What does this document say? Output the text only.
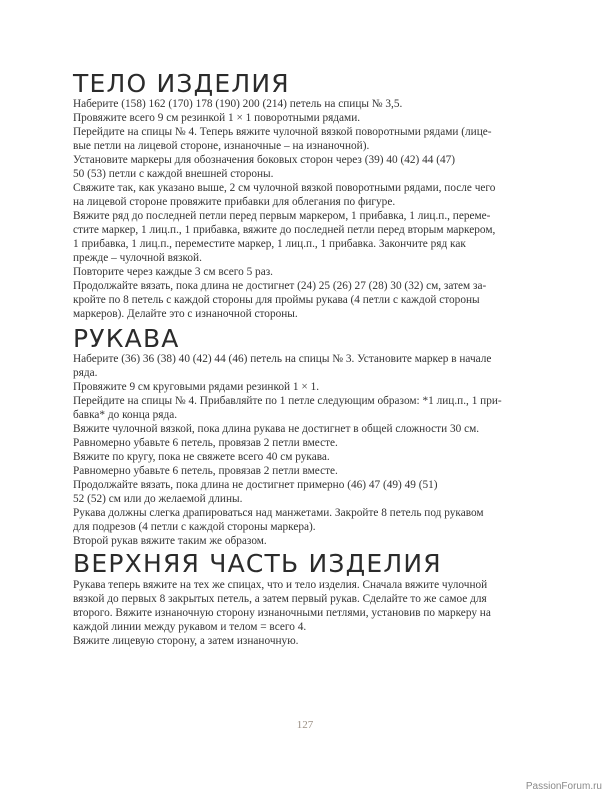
ТЕЛО ИЗДЕЛИЯ
Наберите (158) 162 (170) 178 (190) 200 (214) петель на спицы № 3,5.
Провяжите всего 9 см резинкой 1 × 1 поворотными рядами.
Перейдите на спицы № 4. Теперь вяжите чулочной вязкой поворотными рядами (лице-
вые петли на лицевой стороне, изнаночные – на изнаночной).
Установите маркеры для обозначения боковых сторон через (39) 40 (42) 44 (47)
50 (53) петли с каждой внешней стороны.
Свяжите так, как указано выше, 2 см чулочной вязкой поворотными рядами, после чего
на лицевой стороне провяжите прибавки для облегания по фигуре.
Вяжите ряд до последней петли перед первым маркером, 1 прибавка, 1 лиц.п., переме-
стите маркер, 1 лиц.п., 1 прибавка, вяжите до последней петли перед вторым маркером,
1 прибавка, 1 лиц.п., переместите маркер, 1 лиц.п., 1 прибавка. Закончите ряд как
прежде – чулочной вязкой.
Повторите через каждые 3 см всего 5 раз.
Продолжайте вязать, пока длина не достигнет (24) 25 (26) 27 (28) 30 (32) см, затем за-
кройте по 8 петель с каждой стороны для проймы рукава (4 петли с каждой стороны
маркеров). Делайте это с изнаночной стороны.
РУКАВА
Наберите (36) 36 (38) 40 (42) 44 (46) петель на спицы № 3. Установите маркер в начале
ряда.
Провяжите 9 см круговыми рядами резинкой 1 × 1.
Перейдите на спицы № 4. Прибавляйте по 1 петле следующим образом: *1 лиц.п., 1 при-
бавка* до конца ряда.
Вяжите чулочной вязкой, пока длина рукава не достигнет в общей сложности 30 см.
Равномерно убавьте 6 петель, провязав 2 петли вместе.
Вяжите по кругу, пока не свяжете всего 40 см рукава.
Равномерно убавьте 6 петель, провязав 2 петли вместе.
Продолжайте вязать, пока длина не достигнет примерно (46) 47 (49) 49 (51)
52 (52) см или до желаемой длины.
Рукава должны слегка драпироваться над манжетами. Закройте 8 петель под рукавом
для подрезов (4 петли с каждой стороны маркера).
Второй рукав вяжите таким же образом.
ВЕРХНЯЯ ЧАСТЬ ИЗДЕЛИЯ
Рукава теперь вяжите на тех же спицах, что и тело изделия. Сначала вяжите чулочной
вязкой до первых 8 закрытых петель, а затем первый рукав. Сделайте то же самое для
второго. Вяжите изнаночную сторону изнаночными петлями, установив по маркеру на
каждой линии между рукавом и телом = всего 4.
Вяжите лицевую сторону, а затем изнаночную.
127
PassionForum.ru
